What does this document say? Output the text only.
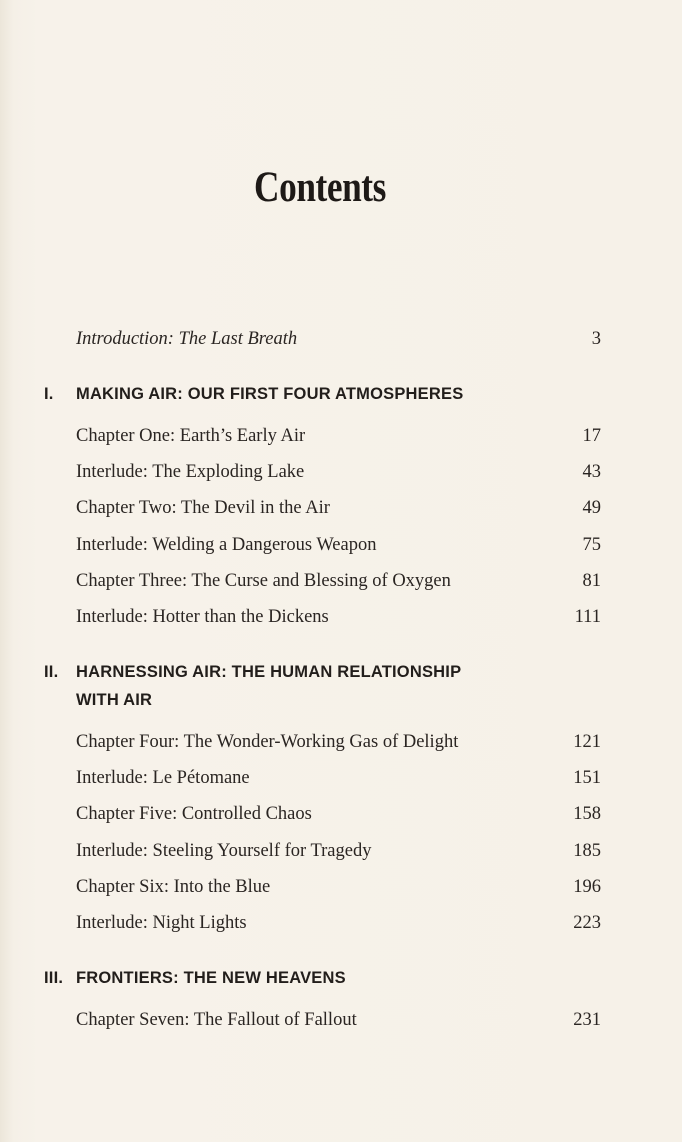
Contents
Introduction: The Last Breath	3
I. MAKING AIR: OUR FIRST FOUR ATMOSPHERES
Chapter One: Earth’s Early Air	17
Interlude: The Exploding Lake	43
Chapter Two: The Devil in the Air	49
Interlude: Welding a Dangerous Weapon	75
Chapter Three: The Curse and Blessing of Oxygen	81
Interlude: Hotter than the Dickens	111
II. HARNESSING AIR: THE HUMAN RELATIONSHIP
WITH AIR
Chapter Four: The Wonder-Working Gas of Delight	121
Interlude: Le Pétomane	151
Chapter Five: Controlled Chaos	158
Interlude: Steeling Yourself for Tragedy	185
Chapter Six: Into the Blue	196
Interlude: Night Lights	223
III. FRONTIERS: THE NEW HEAVENS
Chapter Seven: The Fallout of Fallout	231
